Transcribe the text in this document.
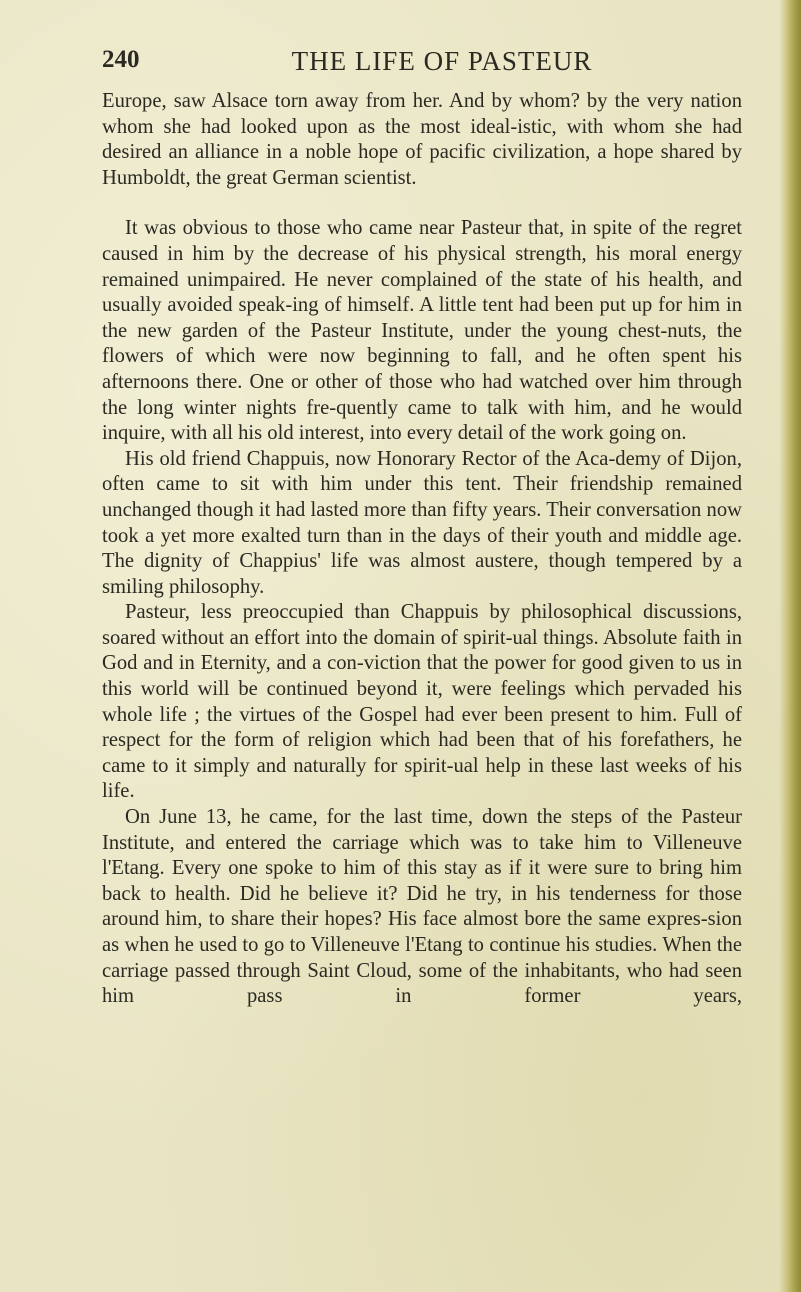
240	THE LIFE OF PASTEUR

Europe, saw Alsace torn away from her. And by whom? by the very nation whom she had looked upon as the most ideal-istic, with whom she had desired an alliance in a noble hope of pacific civilization, a hope shared by Humboldt, the great German scientist.

It was obvious to those who came near Pasteur that, in spite of the regret caused in him by the decrease of his physical strength, his moral energy remained unimpaired. He never complained of the state of his health, and usually avoided speak-ing of himself. A little tent had been put up for him in the new garden of the Pasteur Institute, under the young chest-nuts, the flowers of which were now beginning to fall, and he often spent his afternoons there. One or other of those who had watched over him through the long winter nights fre-quently came to talk with him, and he would inquire, with all his old interest, into every detail of the work going on.

His old friend Chappuis, now Honorary Rector of the Aca-demy of Dijon, often came to sit with him under this tent. Their friendship remained unchanged though it had lasted more than fifty years. Their conversation now took a yet more exalted turn than in the days of their youth and middle age. The dignity of Chappius' life was almost austere, though tempered by a smiling philosophy.

Pasteur, less preoccupied than Chappuis by philosophical discussions, soared without an effort into the domain of spirit-ual things. Absolute faith in God and in Eternity, and a con-viction that the power for good given to us in this world will be continued beyond it, were feelings which pervaded his whole life ; the virtues of the Gospel had ever been present to him. Full of respect for the form of religion which had been that of his forefathers, he came to it simply and naturally for spirit-ual help in these last weeks of his life.

On June 13, he came, for the last time, down the steps of the Pasteur Institute, and entered the carriage which was to take him to Villeneuve l'Etang. Every one spoke to him of this stay as if it were sure to bring him back to health. Did he believe it? Did he try, in his tenderness for those around him, to share their hopes? His face almost bore the same expres-sion as when he used to go to Villeneuve l'Etang to continue his studies. When the carriage passed through Saint Cloud, some of the inhabitants, who had seen him pass in former years,
